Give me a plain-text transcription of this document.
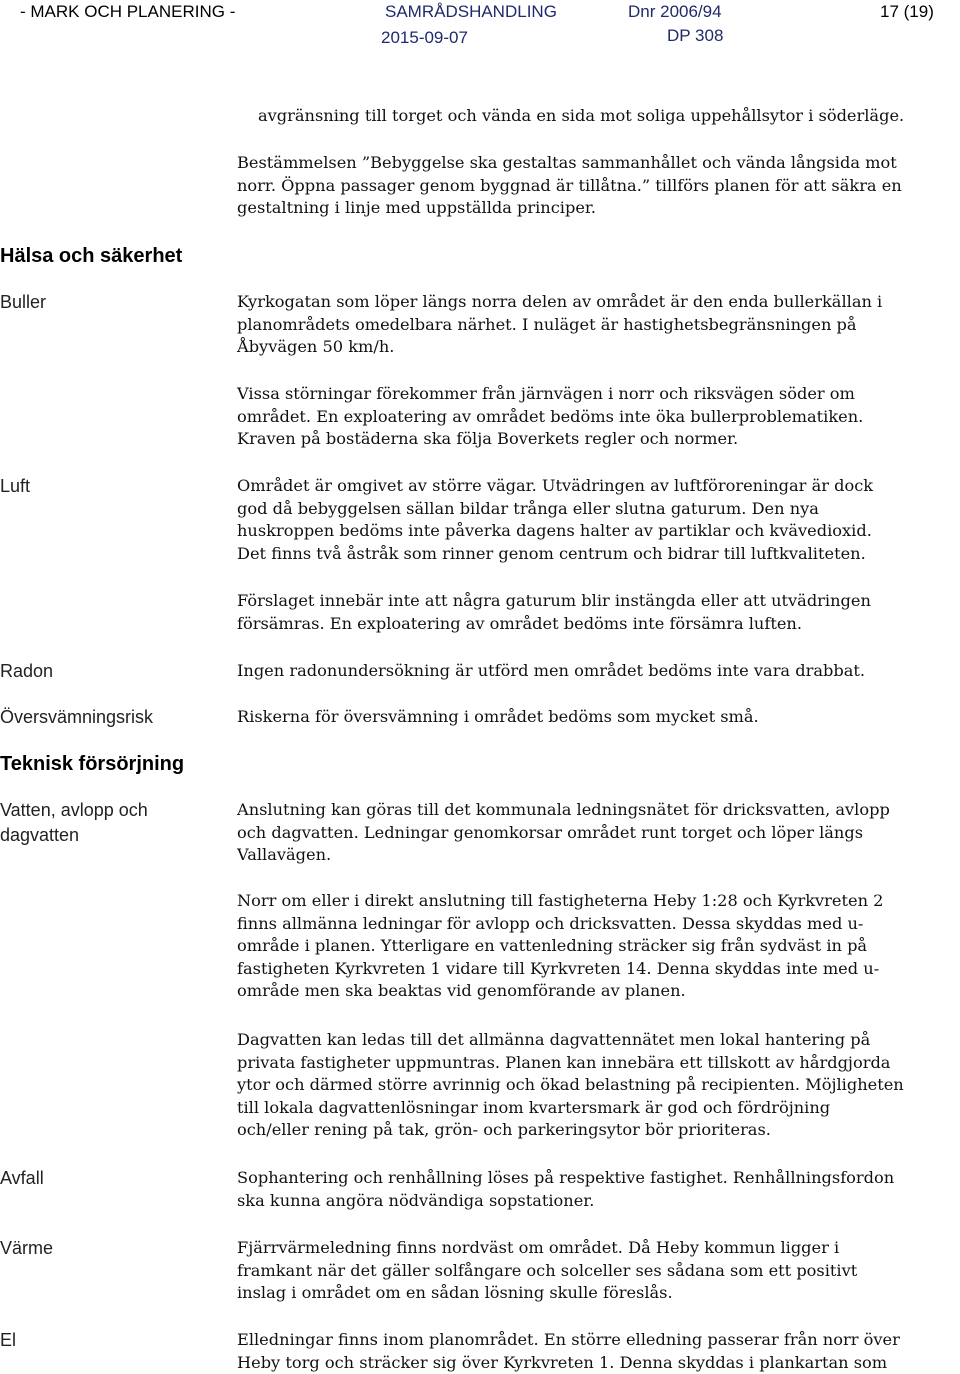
- MARK OCH PLANERING -	SAMRÅDSHANDLING
2015-09-07
Dnr 2006/94
DP 308
17 (19)
avgränsning till torget och vända en sida mot soliga uppehållsytor i söderläge.
Bestämmelsen ”Bebyggelse ska gestaltas sammanhållet och vända långsida mot
norr. Öppna passager genom byggnad är tillåtna.” tillförs planen för att säkra en
gestaltning i linje med uppställda principer.
Hälsa och säkerhet
Buller	Kyrkogatan som löper längs norra delen av området är den enda bullerkällan i
planområdets omedelbara närhet. I nuläget är hastighetsbegränsningen på
Åbyvägen 50 km/h.
Vissa störningar förekommer från järnvägen i norr och riksvägen söder om
området. En exploatering av området bedöms inte öka bullerproblematiken.
Kraven på bostäderna ska följa Boverkets regler och normer.
Luft	Området är omgivet av större vägar. Utvädringen av luftföroreningar är dock
god då bebyggelsen sällan bildar trånga eller slutna gaturum. Den nya
huskroppen bedöms inte påverka dagens halter av partiklar och kvävedioxid.
Det finns två åstråk som rinner genom centrum och bidrar till luftkvaliteten.
Förslaget innebär inte att några gaturum blir instängda eller att utvädringen
försämras. En exploatering av området bedöms inte försämra luften.
Radon	Ingen radonundersökning är utförd men området bedöms inte vara drabbat.
Översvämningsrisk	Riskerna för översvämning i området bedöms som mycket små.
Teknisk försörjning
Vatten, avlopp och
dagvatten
Anslutning kan göras till det kommunala ledningsnätet för dricksvatten, avlopp
och dagvatten. Ledningar genomkorsar området runt torget och löper längs
Vallavägen.
Norr om eller i direkt anslutning till fastigheterna Heby 1:28 och Kyrkvreten 2
finns allmänna ledningar för avlopp och dricksvatten. Dessa skyddas med u-
område i planen. Ytterligare en vattenledning sträcker sig från sydväst in på
fastigheten Kyrkvreten 1 vidare till Kyrkvreten 14. Denna skyddas inte med u-
område men ska beaktas vid genomförande av planen.
Dagvatten kan ledas till det allmänna dagvattennätet men lokal hantering på
privata fastigheter uppmuntras. Planen kan innebära ett tillskott av hårdgjorda
ytor och därmed större avrinnig och ökad belastning på recipienten. Möjligheten
till lokala dagvattenlösningar inom kvartersmark är god och fördröjning
och/eller rening på tak, grön- och parkeringsytor bör prioriteras.
Avfall	Sophantering och renhållning löses på respektive fastighet. Renhållningsfordon
ska kunna angöra nödvändiga sopstationer.
Värme	Fjärrvärmeledning finns nordväst om området. Då Heby kommun ligger i
framkant när det gäller solfångare och solceller ses sådana som ett positivt
inslag i området om en sådan lösning skulle föreslås.
El	Elledningar finns inom planområdet. En större elledning passerar från norr över
Heby torg och sträcker sig över Kyrkvreten 1. Denna skyddas i plankartan som
